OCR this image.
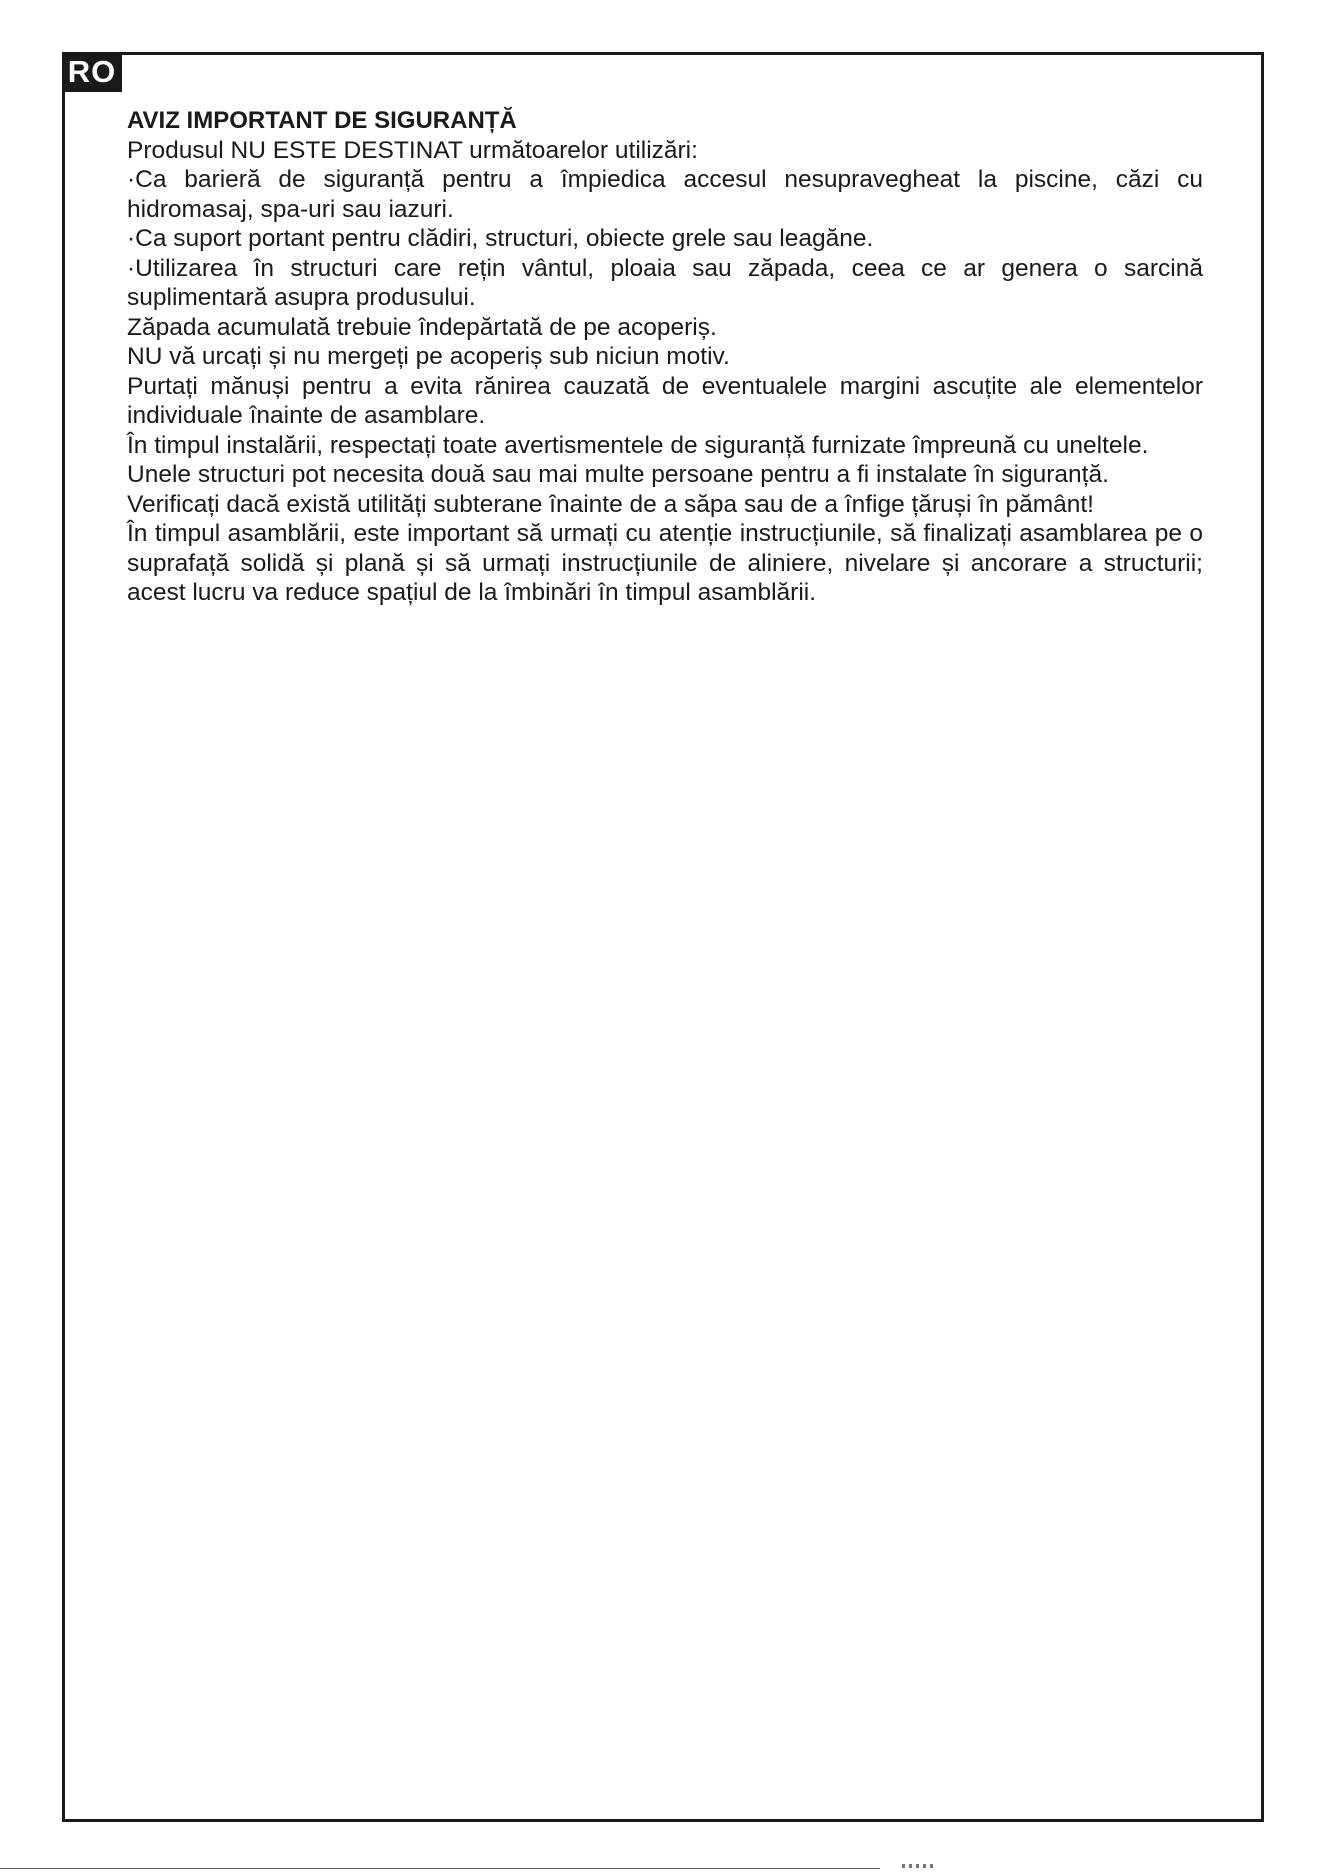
RO
AVIZ IMPORTANT DE SIGURANȚĂ

Produsul NU ESTE DESTINAT următoarelor utilizări:

·Ca barieră de siguranță pentru a împiedica accesul nesupravegheat la piscine, căzi cu hidromasaj, spa-uri sau iazuri.

·Ca suport portant pentru clădiri, structuri, obiecte grele sau leagăne.

·Utilizarea în structuri care rețin vântul, ploaia sau zăpada, ceea ce ar genera o sarcină suplimentară asupra produsului.

Zăpada acumulată trebuie îndepărtată de pe acoperiș.

NU vă urcați și nu mergeți pe acoperiș sub niciun motiv.

Purtați mănuși pentru a evita rănirea cauzată de eventualele margini ascuțite ale elementelor individuale înainte de asamblare.

În timpul instalării, respectați toate avertismentele de siguranță furnizate împreună cu uneltele.

Unele structuri pot necesita două sau mai multe persoane pentru a fi instalate în siguranță.

Verificați dacă există utilități subterane înainte de a săpa sau de a înfige țăruși în pământ!

În timpul asamblării, este important să urmați cu atenție instrucțiunile, să finalizați asamblarea pe o suprafață solidă și plană și să urmați instrucțiunile de aliniere, nivelare și ancorare a structurii; acest lucru va reduce spațiul de la îmbinări în timpul asamblării.
